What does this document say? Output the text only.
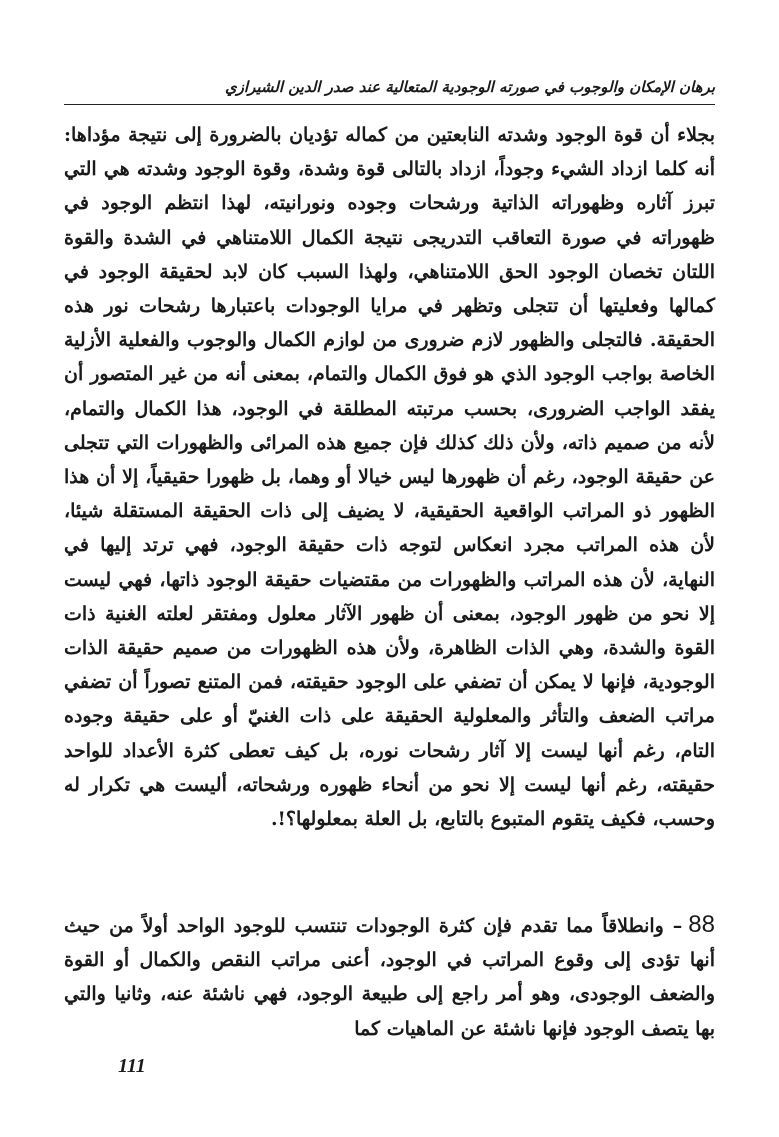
برهان الإمكان والوجوب في صورته الوجودية المتعالية عند صدر الدين الشيرازي

بجلاء أن قوة الوجود وشدته النابعتين من كماله تؤديان بالضرورة إلى نتيجة مؤداها: أنه كلما ازداد الشيء وجوداً، ازداد بالتالى قوة وشدة، وقوة الوجود وشدته هي التي تبرز آثاره وظهوراته الذاتية ورشحات وجوده ونورانيته، لهذا انتظم الوجود في ظهوراته في صورة التعاقب التدريجى نتيجة الكمال اللامتناهي في الشدة والقوة اللتان تخصان الوجود الحق اللامتناهي، ولهذا السبب كان لابد لحقيقة الوجود في كمالها وفعليتها أن تتجلى وتظهر في مرايا الوجودات باعتبارها رشحات نور هذه الحقيقة. فالتجلى والظهور لازم ضرورى من لوازم الكمال والوجوب والفعلية الأزلية الخاصة بواجب الوجود الذي هو فوق الكمال والتمام، بمعنى أنه من غير المتصور أن يفقد الواجب الضرورى، بحسب مرتبته المطلقة في الوجود، هذا الكمال والتمام، لأنه من صميم ذاته، ولأن ذلك كذلك فإن جميع هذه المرائى والظهورات التي تتجلى عن حقيقة الوجود، رغم أن ظهورها ليس خيالا أو وهما، بل ظهورا حقيقياً، إلا أن هذا الظهور ذو المراتب الواقعية الحقيقية، لا يضيف إلى ذات الحقيقة المستقلة شيئا، لأن هذه المراتب مجرد انعكاس لتوجه ذات حقيقة الوجود، فهي ترتد إليها في النهاية، لأن هذه المراتب والظهورات من مقتضيات حقيقة الوجود ذاتها، فهي ليست إلا نحو من ظهور الوجود، بمعنى أن ظهور الآثار معلول ومفتقر لعلته الغنية ذات القوة والشدة، وهي الذات الظاهرة، ولأن هذه الظهورات من صميم حقيقة الذات الوجودية، فإنها لا يمكن أن تضفي على الوجود حقيقته، فمن المتنع تصوراً أن تضفي مراتب الضعف والتأثر والمعلولية الحقيقة على ذات الغنيّ أو على حقيقة وجوده التام، رغم أنها ليست إلا آثار رشحات نوره، بل كيف تعطى كثرة الأعداد للواحد حقيقته، رغم أنها ليست إلا نحو من أنحاء ظهوره ورشحاته، أليست هي تكرار له وحسب، فكيف يتقوم المتبوع بالتابع، بل العلة بمعلولها؟!.

88– وانطلاقاً مما تقدم فإن كثرة الوجودات تنتسب للوجود الواحد أولاً من حيث أنها تؤدى إلى وقوع المراتب في الوجود، أعنى مراتب النقص والكمال أو القوة والضعف الوجودى، وهو أمر راجع إلى طبيعة الوجود، فهي ناشئة عنه، وثانيا والتي بها يتصف الوجود فإنها ناشئة عن الماهيات كما

111
